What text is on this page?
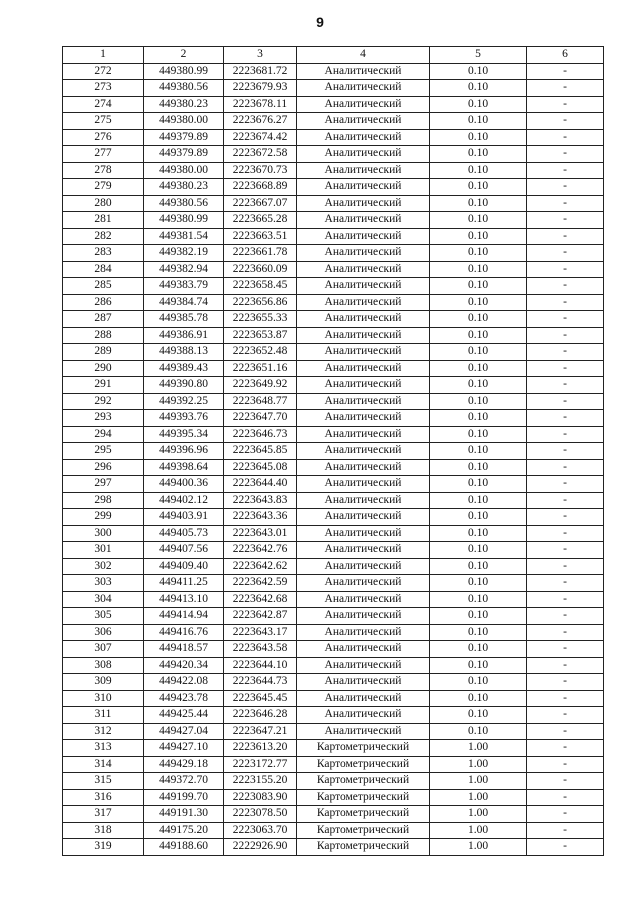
9
1	2	3	4	5	6
272	449380.99	2223681.72	Аналитический	0.10	-
273	449380.56	2223679.93	Аналитический	0.10	-
274	449380.23	2223678.11	Аналитический	0.10	-
275	449380.00	2223676.27	Аналитический	0.10	-
276	449379.89	2223674.42	Аналитический	0.10	-
277	449379.89	2223672.58	Аналитический	0.10	-
278	449380.00	2223670.73	Аналитический	0.10	-
279	449380.23	2223668.89	Аналитический	0.10	-
280	449380.56	2223667.07	Аналитический	0.10	-
281	449380.99	2223665.28	Аналитический	0.10	-
282	449381.54	2223663.51	Аналитический	0.10	-
283	449382.19	2223661.78	Аналитический	0.10	-
284	449382.94	2223660.09	Аналитический	0.10	-
285	449383.79	2223658.45	Аналитический	0.10	-
286	449384.74	2223656.86	Аналитический	0.10	-
287	449385.78	2223655.33	Аналитический	0.10	-
288	449386.91	2223653.87	Аналитический	0.10	-
289	449388.13	2223652.48	Аналитический	0.10	-
290	449389.43	2223651.16	Аналитический	0.10	-
291	449390.80	2223649.92	Аналитический	0.10	-
292	449392.25	2223648.77	Аналитический	0.10	-
293	449393.76	2223647.70	Аналитический	0.10	-
294	449395.34	2223646.73	Аналитический	0.10	-
295	449396.96	2223645.85	Аналитический	0.10	-
296	449398.64	2223645.08	Аналитический	0.10	-
297	449400.36	2223644.40	Аналитический	0.10	-
298	449402.12	2223643.83	Аналитический	0.10	-
299	449403.91	2223643.36	Аналитический	0.10	-
300	449405.73	2223643.01	Аналитический	0.10	-
301	449407.56	2223642.76	Аналитический	0.10	-
302	449409.40	2223642.62	Аналитический	0.10	-
303	449411.25	2223642.59	Аналитический	0.10	-
304	449413.10	2223642.68	Аналитический	0.10	-
305	449414.94	2223642.87	Аналитический	0.10	-
306	449416.76	2223643.17	Аналитический	0.10	-
307	449418.57	2223643.58	Аналитический	0.10	-
308	449420.34	2223644.10	Аналитический	0.10	-
309	449422.08	2223644.73	Аналитический	0.10	-
310	449423.78	2223645.45	Аналитический	0.10	-
311	449425.44	2223646.28	Аналитический	0.10	-
312	449427.04	2223647.21	Аналитический	0.10	-
313	449427.10	2223613.20	Картометрический	1.00	-
314	449429.18	2223172.77	Картометрический	1.00	-
315	449372.70	2223155.20	Картометрический	1.00	-
316	449199.70	2223083.90	Картометрический	1.00	-
317	449191.30	2223078.50	Картометрический	1.00	-
318	449175.20	2223063.70	Картометрический	1.00	-
319	449188.60	2222926.90	Картометрический	1.00	-
